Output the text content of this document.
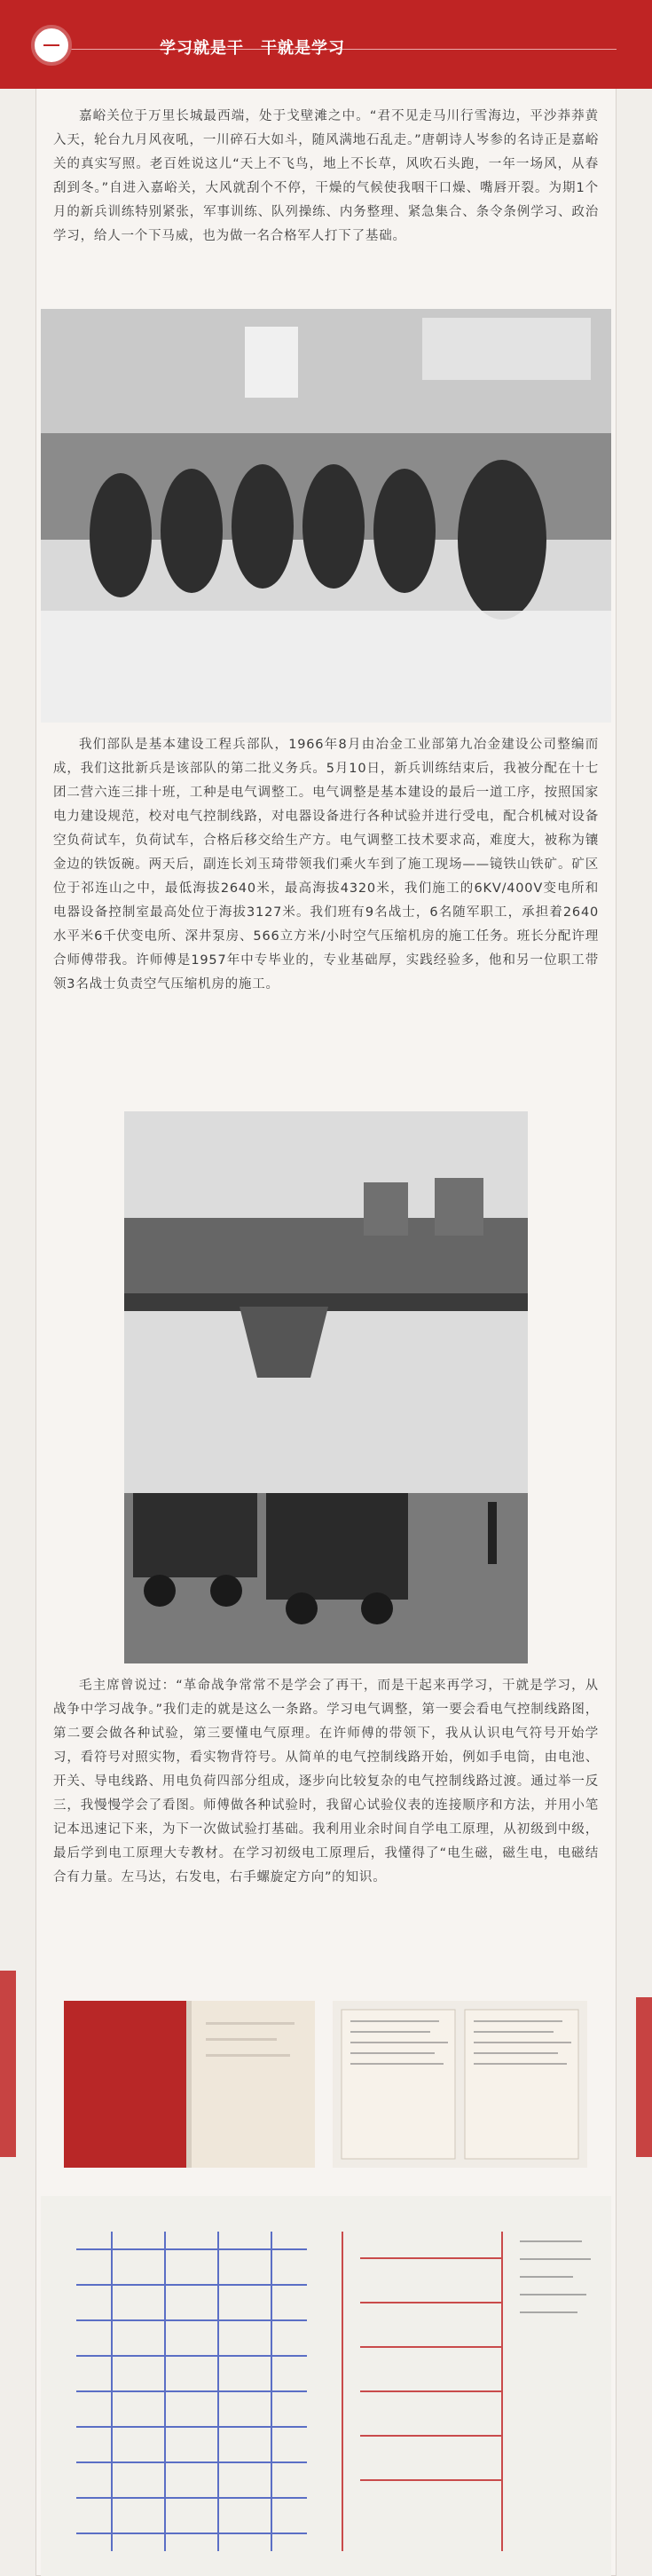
学习就是干　干就是学习
嘉峪关位于万里长城最西端，处于戈壁滩之中。“君不见走马川行雪海边，平沙莽莽黄入天，轮台九月风夜吼，一川碎石大如斗，随风满地石乱走。”唐朝诗人岑参的名诗正是嘉峪关的真实写照。老百姓说这儿“天上不飞鸟，地上不长草，风吹石头跑，一年一场风，从春刮到冬。”自进入嘉峪关，大风就刮个不停，干燥的气候使我咽干口燥、嘴唇开裂。为期1个月的新兵训练特别紧张，军事训练、队列操练、内务整理、紧急集合、条令条例学习、政治学习，给人一个下马威，也为做一名合格军人打下了基础。
我们部队是基本建设工程兵部队，1966年8月由冶金工业部第九冶金建设公司整编而成，我们这批新兵是该部队的第二批义务兵。5月10日，新兵训练结束后，我被分配在十七团二营六连三排十班，工种是电气调整工。电气调整是基本建设的最后一道工序，按照国家电力建设规范，校对电气控制线路，对电器设备进行各种试验并进行受电，配合机械对设备空负荷试车，负荷试车，合格后移交给生产方。电气调整工技术要求高，难度大，被称为镶金边的铁饭碗。两天后，副连长刘玉琦带领我们乘火车到了施工现场——镜铁山铁矿。矿区位于祁连山之中，最低海拔2640米，最高海拔4320米，我们施工的6KV/400V变电所和电器设备控制室最高处位于海拔3127米。我们班有9名战士，6名随军职工，承担着2640水平米6千伏变电所、深井泵房、566立方米/小时空气压缩机房的施工任务。班长分配许理合师傅带我。许师傅是1957年中专毕业的，专业基础厚，实践经验多，他和另一位职工带领3名战士负责空气压缩机房的施工。
毛主席曾说过：“革命战争常常不是学会了再干，而是干起来再学习，干就是学习，从战争中学习战争。”我们走的就是这么一条路。学习电气调整，第一要会看电气控制线路图，第二要会做各种试验，第三要懂电气原理。在许师傅的带领下，我从认识电气符号开始学习，看符号对照实物，看实物背符号。从简单的电气控制线路开始，例如手电筒，由电池、开关、导电线路、用电负荷四部分组成，逐步向比较复杂的电气控制线路过渡。通过举一反三，我慢慢学会了看图。师傅做各种试验时，我留心试验仪表的连接顺序和方法，并用小笔记本迅速记下来，为下一次做试验打基础。我利用业余时间自学电工原理，从初级到中级，最后学到电工原理大专教材。在学习初级电工原理后，我懂得了“电生磁，磁生电，电磁结合有力量。左马达，右发电，右手螺旋定方向”的知识。
